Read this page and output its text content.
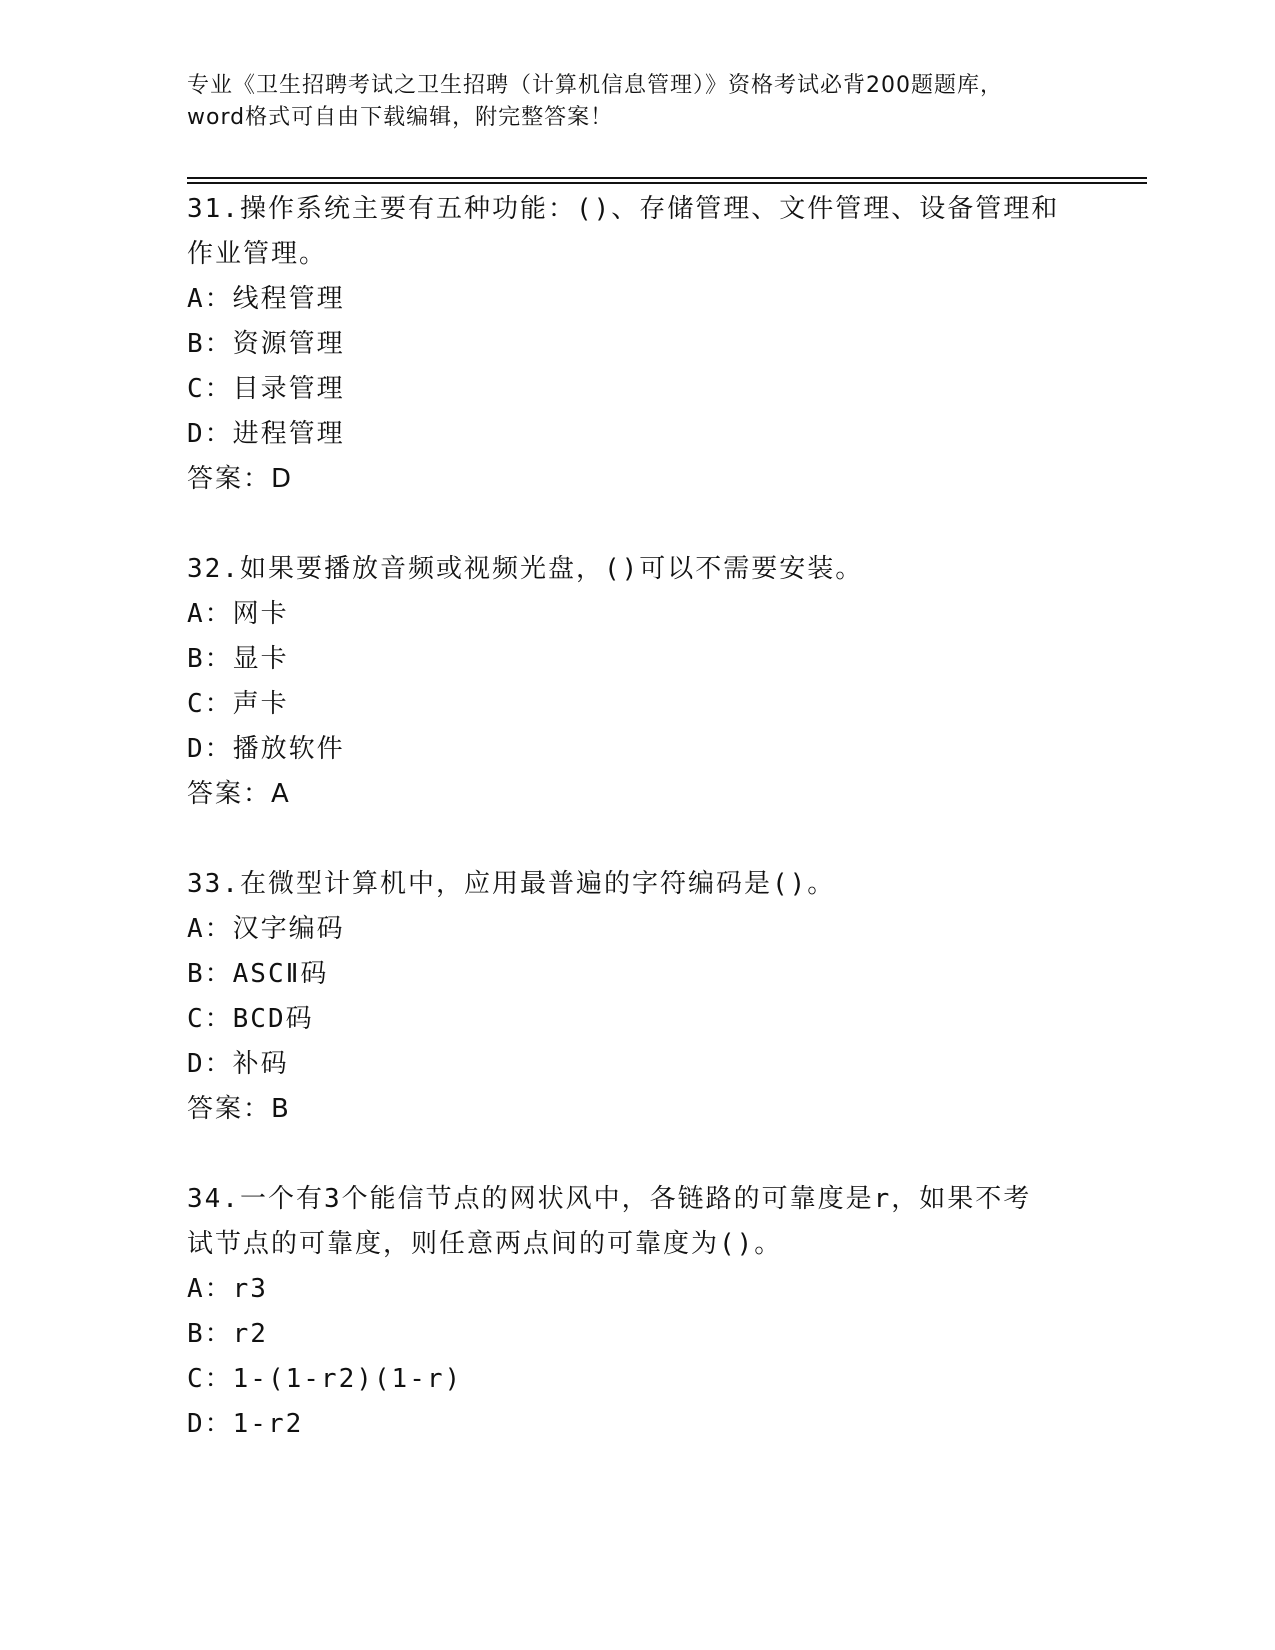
专业《卫生招聘考试之卫生招聘（计算机信息管理）》资格考试必背200题题库，
word格式可自由下载编辑，附完整答案！
31.操作系统主要有五种功能：()、存储管理、文件管理、设备管理和
作业管理。
A：线程管理
B：资源管理
C：目录管理
D：进程管理
答案：D
32.如果要播放音频或视频光盘，()可以不需要安装。
A：网卡
B：显卡
C：声卡
D：播放软件
答案：A
33.在微型计算机中，应用最普遍的字符编码是()。
A：汉字编码
B：ASCⅡ码
C：BCD码
D：补码
答案：B
34.一个有3个能信节点的网状风中，各链路的可靠度是r，如果不考
试节点的可靠度，则任意两点间的可靠度为()。
A：r3
B：r2
C：1-(1-r2)(1-r)
D：1-r2
